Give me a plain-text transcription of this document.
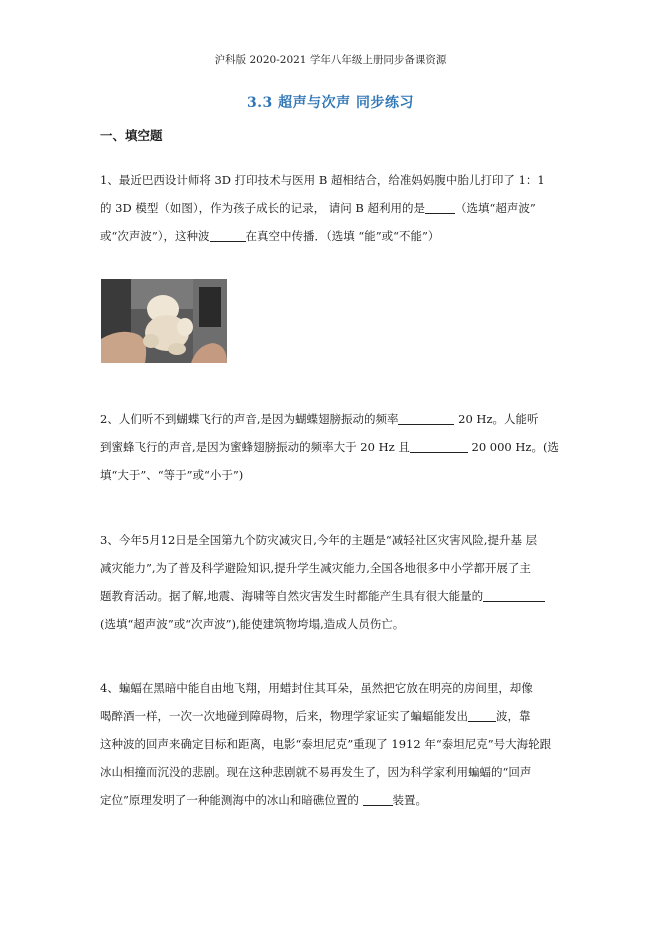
沪科版 2020-2021 学年八年级上册同步备课资源
3.3 超声与次声 同步练习
一、填空题
1、最近巴西设计师将 3D 打印技术与医用 B 超相结合，给准妈妈腹中胎儿打印了 1：1
的 3D 模型（如图），作为孩子成长的记录， 请问 B 超利用的是	（选填“超声波”
或“次声波”），这种波	在真空中传播．（选填 “能”或“不能”）
2、人们听不到蝴蝶飞行的声音,是因为蝴蝶翅膀振动的频率	20 Hz。人能听
到蜜蜂飞行的声音,是因为蜜蜂翅膀振动的频率大于 20 Hz 且	20 000 Hz。(选
填“大于”、“等于”或“小于”)
3、今年5月12日是全国第九个防灾减灾日,今年的主题是“减轻社区灾害风险,提升基 层
减灾能力”,为了普及科学避险知识,提升学生减灾能力,全国各地很多中小学都开展了主
题教育活动。据了解,地震、海啸等自然灾害发生时都能产生具有很大能量的
(选填“超声波”或“次声波”),能使建筑物垮塌,造成人员伤亡。
4、蝙蝠在黑暗中能自由地飞翔，用蜡封住其耳朵，虽然把它放在明亮的房间里，却像
喝醉酒一样，一次一次地碰到障碍物，后来，物理学家证实了蝙蝠能发出 波，靠
这种波的回声来确定目标和距离，电影“泰坦尼克”重现了 1912 年“泰坦尼克”号大海轮跟
冰山相撞而沉没的悲剧。现在这种悲剧就不易再发生了，因为科学家利用蝙蝠的“回声
定位”原理发明了一种能测海中的冰山和暗礁位置的	装置。
